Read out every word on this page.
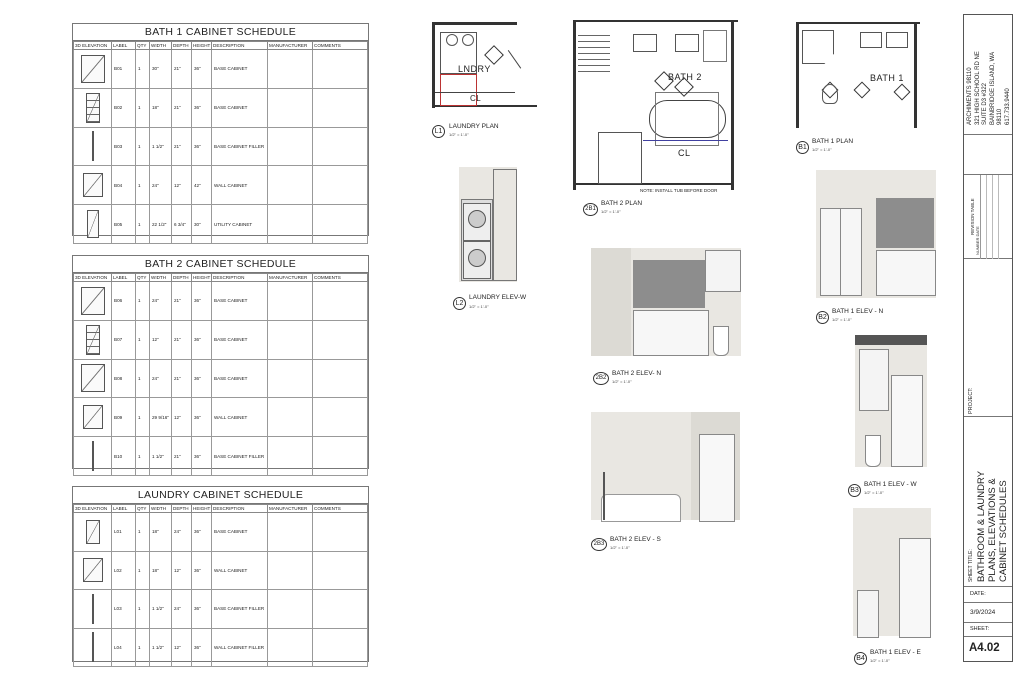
BATH 1 CABINET SCHEDULE
3D ELEVATION	LABEL	QTY	WIDTH	DEPTH	HEIGHT	DESCRIPTION	MANUFACTURER	COMMENTS

	B01	1	30"	21"	36"	BASE CABINET		

	B02	1	18"	21"	36"	BASE CABINET		

	B03	1	1 1/2"	21"	36"	BASE CABINET FILLER		

	B04	1	24"	12"	42"	WALL CABINET		

	B05	1	22 1/2"	6 3/4"	30"	UTILITY CABINET		
BATH 2 CABINET SCHEDULE
3D ELEVATION	LABEL	QTY	WIDTH	DEPTH	HEIGHT	DESCRIPTION	MANUFACTURER	COMMENTS

	B06	1	24"	21"	36"	BASE CABINET		

	B07	1	12"	21"	36"	BASE CABINET		

	B08	1	24"	21"	36"	BASE CABINET		

	B09	1	29 9/16"	12"	36"	WALL CABINET		

	B10	1	1 1/2"	21"	36"	BASE CABINET FILLER		
LAUNDRY CABINET SCHEDULE
3D ELEVATION	LABEL	QTY	WIDTH	DEPTH	HEIGHT	DESCRIPTION	MANUFACTURER	COMMENTS

	L01	1	18"	24"	36"	BASE CABINET		

	L02	1	18"	12"	36"	WALL CABINET		

	L03	1	1 1/2"	24"	36"	BASE CABINET FILLER		

	L04	1	1 1/2"	12"	36"	WALL CABINET FILLER		
LNDRY
CL
L1
LAUNDRY PLAN
1/2" = 1'-0"
L2
LAUNDRY ELEV-W
1/2" = 1'-0"
BATH 2
CL
NOTE: INSTALL TUB BEFORE DOOR
2B1
BATH 2 PLAN
1/2" = 1'-0"
2B2
BATH 2 ELEV- N
1/2" = 1'-0"
2B3
BATH 2 ELEV - S
1/2" = 1'-0"
BATH 1
B1
BATH 1 PLAN
1/2" = 1'-0"
B2
BATH 1 ELEV - N
1/2" = 1'-0"
B3
BATH 1 ELEV - W
1/2" = 1'-0"
B4
BATH 1 ELEV - E
1/2" = 1'-0"
ARCHIMENTS 98110 321 HIGH SCHOOL RD NE SUITE D3 #322 BAINBRIDGE ISLAND, WA 98110 617.733.9440
REVISION TABLE
NUMBER DATE
PROJECT:
SHEET TITLE: BATHROOM & LAUNDRY PLANS, ELEVATIONS & CABINET SCHEDULES
DATE:
3/9/2024
SHEET:
A4.02
